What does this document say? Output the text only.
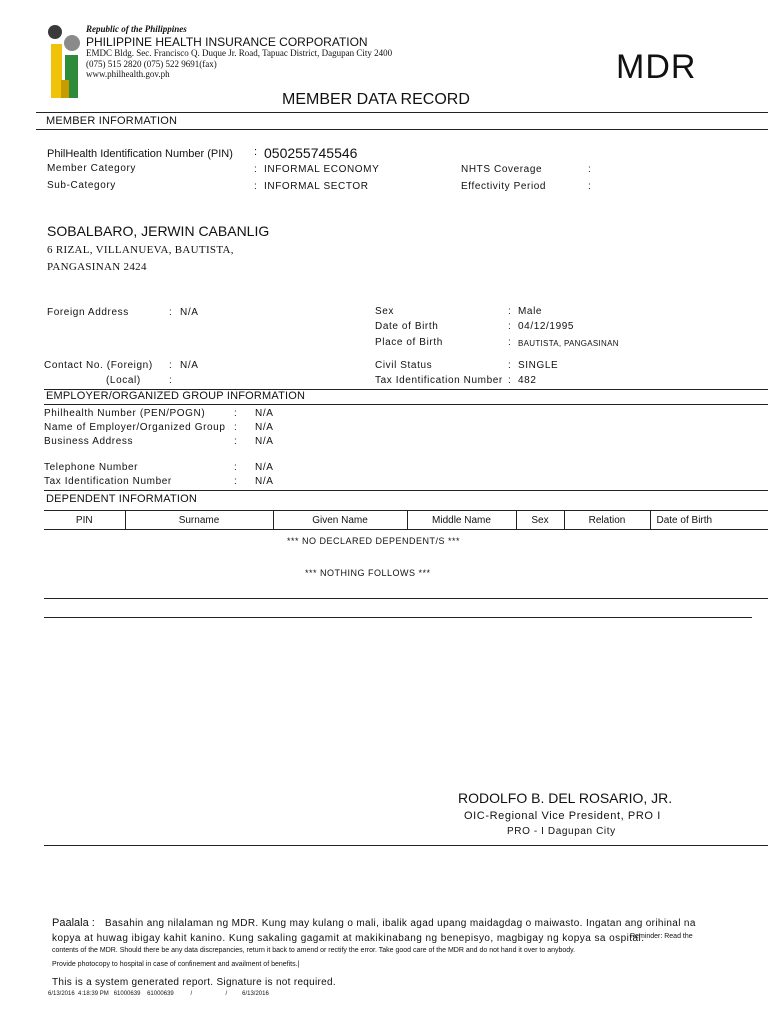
Republic of the Philippines
PHILIPPINE HEALTH INSURANCE CORPORATION
EMDC Bldg. Sec. Francisco Q. Duque Jr. Road, Tapuac District, Dagupan City 2400
(075) 515 2820 (075) 522 9691(fax)
www.philhealth.gov.ph	MDR
MEMBER DATA RECORD
MEMBER INFORMATION
PhilHealth Identification Number (PIN) : 050255745546
Member Category	: INFORMAL ECONOMY	NHTS Coverage	:
Sub-Category	: INFORMAL SECTOR	Effectivity Period	:
SOBALBARO, JERWIN CABANLIG
6 RIZAL, VILLANUEVA, BAUTISTA,
PANGASINAN 2424
Foreign Address	: N/A	Sex	: Male
Date of Birth	: 04/12/1995
Place of Birth	: BAUTISTA, PANGASINAN
Contact No. (Foreign) : N/A
(Local)	:
Civil Status	: SINGLE
Tax Identification Number : 482
EMPLOYER/ORGANIZED GROUP INFORMATION
Philhealth Number (PEN/POGN)	: N/A
Name of Employer/Organized Group : N/A
Business Address	: N/A
Telephone Number	: N/A
Tax Identification Number	: N/A
DEPENDENT INFORMATION
PIN	Surname	Given Name	Middle Name	Sex	Relation	Date of Birth
*** NO DECLARED DEPENDENT/S ***
*** NOTHING FOLLOWS ***
RODOLFO B. DEL ROSARIO, JR.
OIC-Regional Vice President, PRO I
PRO - I Dagupan City
Paalala : Basahin ang nilalaman ng MDR. Kung may kulang o mali, ibalik agad upang maidagdag o maiwasto. Ingatan ang orihinal na
kopya at huwag ibigay kahit kanino. Kung sakaling gagamit at makikinabang ng benepisyo, magbigay ng kopya sa ospital.
Reminder: Read the
contents of the MDR. Should there be any data discrepancies, return it back to amend or rectify the error. Take good care of the MDR and do not hand it over to anybody.
Provide photocopy to hospital in case of confinement and availment of benefits.|
This is a system generated report. Signature is not required.
6/13/2016  4:18:39 PM   61000639    61000639          /                    /         6/13/2016
